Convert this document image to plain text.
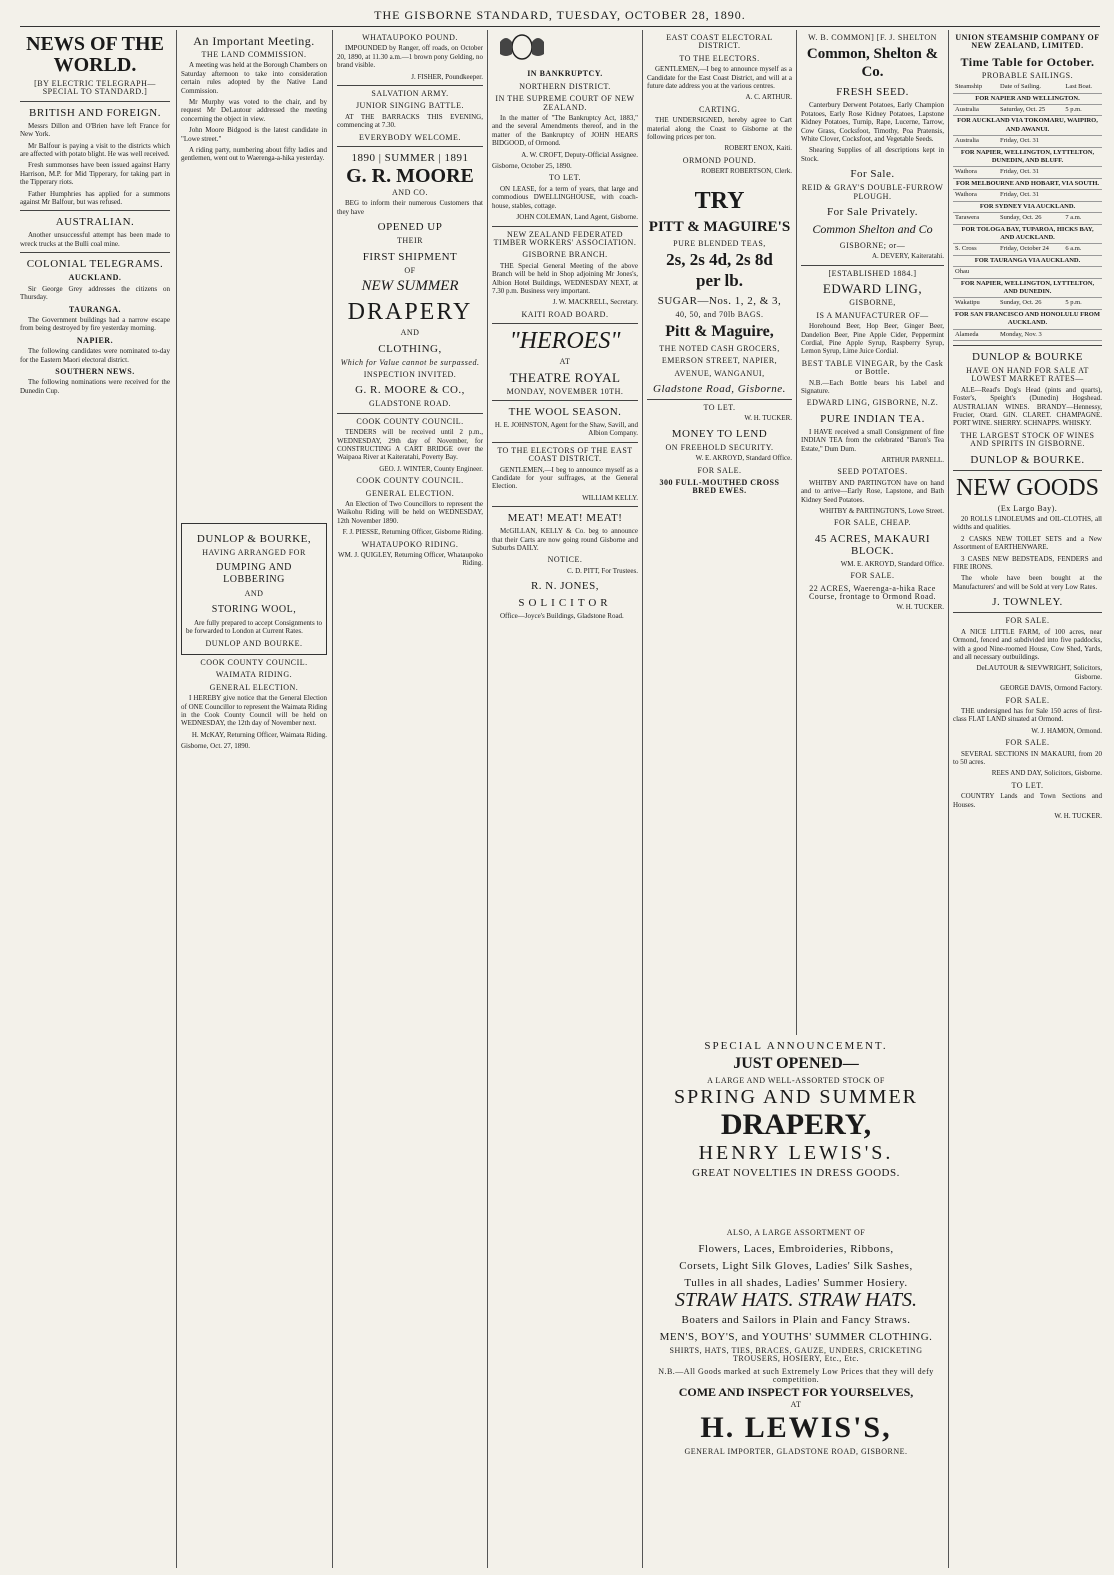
THE GISBORNE STANDARD, TUESDAY, OCTOBER 28, 1890.
NEWS OF THE WORLD.
[BY ELECTRIC TELEGRAPH—SPECIAL TO STANDARD.]
BRITISH AND FOREIGN.

Messrs Dillon and O'Brien have left France for New York.

Mr Balfour is paying a visit to the districts which are affected with potato blight. He was well received.

Fresh summonses have been issued against Harry Harrison, M.P. for Mid Tipperary, for taking part in the Tipperary riots.

Father Humphries has applied for a summons against Mr Balfour, but was refused.

AUSTRALIAN.

Another unsuccessful attempt has been made to wreck trucks at the Bulli coal mine.

COLONIAL TELEGRAMS.
AUCKLAND.

Sir George Grey addresses the citizens on Thursday.

TAURANGA.

The Government buildings had a narrow escape from being destroyed by fire yesterday morning.

NAPIER.

The following candidates were nominated to-day for the Eastern Maori electoral district.

SOUTHERN NEWS.

The following nominations were received for the Dunedin Cup.

An Important Meeting.
THE LAND COMMISSION.

A meeting was held at the Borough Chambers on Saturday afternoon to take into consideration certain rules adopted by the Native Land Commission.

Mr Murphy was voted to the chair, and by request Mr DeLautour addressed the meeting concerning the object in view.

John Moore Bidgood is the latest candidate in "Lowe street."

A riding party, numbering about fifty ladies and gentlemen, went out to Waerenga-a-hika yesterday.

DUNLOP & BOURKE,
HAVING ARRANGED FOR
DUMPING AND LOBBERING
AND
STORING WOOL,

Are fully prepared to accept Consignments to be forwarded to London at Current Rates.

DUNLOP AND BOURKE.
COOK COUNTY COUNCIL.
WAIMATA RIDING.
GENERAL ELECTION.

I HEREBY give notice that the General Election of ONE Councillor to represent the Waimata Riding in the Cook County Council will be held on WEDNESDAY, the 12th day of November next.

H. McKAY, Returning Officer, Waimata Riding.
Gisborne, Oct. 27, 1890.
WHATAUPOKO POUND.

IMPOUNDED by Ranger, off roads, on October 20, 1890, at 11.30 a.m.—1 brown pony Gelding, no brand visible.

J. FISHER, Poundkeeper.
SALVATION ARMY.
JUNIOR SINGING BATTLE.

AT THE BARRACKS THIS EVENING, commencing at 7.30.

EVERYBODY WELCOME.
1890 | SUMMER | 1891
G. R. MOORE
AND CO.

BEG to inform their numerous Customers that they have

OPENED UP
THEIR
FIRST SHIPMENT
OF
NEW SUMMER
DRAPERY
AND
CLOTHING,
Which for Value cannot be surpassed.
INSPECTION INVITED.
G. R. MOORE & CO.,
GLADSTONE ROAD.
COOK COUNTY COUNCIL.

TENDERS will be received until 2 p.m., WEDNESDAY, 29th day of November, for CONSTRUCTING A CART BRIDGE over the Waipaoa River at Kaiteratahi, Poverty Bay.

GEO. J. WINTER, County Engineer.
COOK COUNTY COUNCIL.
GENERAL ELECTION.

An Election of Two Councillors to represent the Waikohu Riding will be held on WEDNESDAY, 12th November 1890.

F. J. PIESSE, Returning Officer, Gisborne Riding.
WHATAUPOKO RIDING.
WM. J. QUIGLEY, Returning Officer, Whataupoko Riding.
IN BANKRUPTCY.
NORTHERN DISTRICT.
IN THE SUPREME COURT OF NEW ZEALAND.

In the matter of "The Bankruptcy Act, 1883," and the several Amendments thereof, and in the matter of the Bankruptcy of JOHN HEARS BIDGOOD, of Ormond.

A. W. CROFT, Deputy-Official Assignee.
Gisborne, October 25, 1890.
TO LET.

ON LEASE, for a term of years, that large and commodious DWELLINGHOUSE, with coach-house, stables, cottage.

JOHN COLEMAN, Land Agent, Gisborne.
NEW ZEALAND FEDERATED TIMBER WORKERS' ASSOCIATION.
GISBORNE BRANCH.

THE Special General Meeting of the above Branch will be held in Shop adjoining Mr Jones's, Albion Hotel Buildings, WEDNESDAY NEXT, at 7.30 p.m. Business very important.

J. W. MACKRELL, Secretary.
KAITI ROAD BOARD.
"HEROES"
AT
THEATRE ROYAL
MONDAY, NOVEMBER 10TH.
THE WOOL SEASON.
H. E. JOHNSTON, Agent for the Shaw, Savill, and Albion Company.
TO THE ELECTORS OF THE EAST COAST DISTRICT.

GENTLEMEN,—I beg to announce myself as a Candidate for your suffrages, at the General Election.

WILLIAM KELLY.
MEAT! MEAT! MEAT!

McGILLAN, KELLY & Co. beg to announce that their Carts are now going round Gisborne and Suburbs DAILY.

NOTICE.
C. D. PITT, For Trustees.
R. N. JONES,
SOLICITOR

Office—Joyce's Buildings, Gladstone Road.

EAST COAST ELECTORAL DISTRICT.
TO THE ELECTORS.

GENTLEMEN,—I beg to announce myself as a Candidate for the East Coast District, and will at a future date address you at the various centres.

A. C. ARTHUR.
CARTING.

THE UNDERSIGNED, hereby agree to Cart material along the Coast to Gisborne at the following prices per ton.

ROBERT ENOX, Kaiti.
ORMOND POUND.
ROBERT ROBERTSON, Clerk.
TRY
PITT & MAGUIRE'S
PURE BLENDED TEAS,
2s, 2s 4d, 2s 8d
per lb.
SUGAR—Nos. 1, 2, & 3,
40, 50, and 70lb BAGS.
Pitt & Maguire,
THE NOTED CASH GROCERS,
EMERSON STREET, NAPIER,
AVENUE, WANGANUI,
Gladstone Road, Gisborne.
TO LET.
W. H. TUCKER.
MONEY TO LEND
ON FREEHOLD SECURITY.
W. E. AKROYD, Standard Office.
FOR SALE.
300 FULL-MOUTHED CROSS BRED EWES.
SPECIAL ANNOUNCEMENT.
JUST OPENED—
A LARGE AND WELL-ASSORTED STOCK OF
SPRING AND SUMMER
DRAPERY,
HENRY LEWIS'S.
GREAT NOVELTIES IN DRESS GOODS.
ALSO, A LARGE ASSORTMENT OF
Flowers, Laces, Embroideries, Ribbons,
Corsets, Light Silk Gloves, Ladies' Silk Sashes,
Tulles in all shades, Ladies' Summer Hosiery.
STRAW HATS. STRAW HATS.
Boaters and Sailors in Plain and Fancy Straws.
MEN'S, BOY'S, and YOUTHS' SUMMER CLOTHING.
SHIRTS, HATS, TIES, BRACES, GAUZE, UNDERS, CRICKETING TROUSERS, HOSIERY, Etc., Etc.
N.B.—All Goods marked at such Extremely Low Prices that they will defy competition.
COME AND INSPECT FOR YOURSELVES,
AT
H. LEWIS'S,
GENERAL IMPORTER, GLADSTONE ROAD, GISBORNE.
W. B. COMMON] [F. J. SHELTON
Common, Shelton & Co.
FRESH SEED.

Canterbury Derwent Potatoes, Early Champion Potatoes, Early Rose Kidney Potatoes, Lapstone Kidney Potatoes, Turnip, Rape, Lucerne, Tarrow, Cow Grass, Cocksfoot, Timothy, Poa Pratensis, White Clover, Cocksfoot, and Vegetable Seeds.

Shearing Supplies of all descriptions kept in Stock.

For Sale.
REID & GRAY'S DOUBLE-FURROW PLOUGH.
For Sale Privately.
Common Shelton and Co
GISBORNE; or—
A. DEVERY, Kaiteratahi.
[ESTABLISHED 1884.]
EDWARD LING,
GISBORNE,
IS A MANUFACTURER OF—

Horehound Beer, Hop Beer, Ginger Beer, Dandelion Beer, Pine Apple Cider, Peppermint Cordial, Pine Apple Syrup, Raspberry Syrup, Lemon Syrup, Lime Juice Cordial.

BEST TABLE VINEGAR, by the Cask or Bottle.

N.B.—Each Bottle bears his Label and Signature.

EDWARD LING, GISBORNE, N.Z.
PURE INDIAN TEA.

I HAVE received a small Consignment of fine INDIAN TEA from the celebrated "Baron's Tea Estate," Dum Dum.

ARTHUR PARNELL.
SEED POTATOES.

WHITBY AND PARTINGTON have on hand and to arrive—Early Rose, Lapstone, and Bath Kidney Seed Potatoes.

WHITBY & PARTINGTON'S, Lowe Street.
FOR SALE, CHEAP.
45 ACRES, MAKAURI BLOCK.
WM. E. AKROYD, Standard Office.
FOR SALE.
22 ACRES, Waerenga-a-hika Race Course, frontage to Ormond Road.
W. H. TUCKER.
UNION STEAMSHIP COMPANY OF NEW ZEALAND, LIMITED.
Time Table for October.
PROBABLE SAILINGS.
Steamship	Date of Sailing.	Last Boat.
FOR NAPIER AND WELLINGTON.		
Australia	Saturday, Oct. 25	5 p.m.
FOR AUCKLAND VIA TOKOMARU, WAIPIRO, AND AWANUI.		
Australia	Friday, Oct. 31	
FOR NAPIER, WELLINGTON, LYTTELTON, DUNEDIN, AND BLUFF.		
Waihora	Friday, Oct. 31	
FOR MELBOURNE AND HOBART, VIA SOUTH.		
Waihora	Friday, Oct. 31	
FOR SYDNEY VIA AUCKLAND.		
Tarawera	Sunday, Oct. 26	7 a.m.
FOR TOLOGA BAY, TUPAROA, HICKS BAY, AND AUCKLAND.		
S. Cross	Friday, October 24	6 a.m.
FOR TAURANGA VIA AUCKLAND.		
Ohau		
FOR NAPIER, WELLINGTON, LYTTELTON, AND DUNEDIN.		
Wakatipu	Sunday, Oct. 26	5 p.m.
FOR SAN FRANCISCO AND HONOLULU FROM AUCKLAND.		
Alameda	Monday, Nov. 3	
DUNLOP & BOURKE
HAVE ON HAND FOR SALE AT LOWEST MARKET RATES—

ALE—Read's Dog's Head (pints and quarts), Foster's, Speight's (Dunedin) Hogshead. AUSTRALIAN WINES. BRANDY—Hennessy, Frucier, Otard. GIN. CLARET. CHAMPAGNE. PORT WINE. SHERRY. SCHNAPPS. WHISKY.

THE LARGEST STOCK OF WINES AND SPIRITS IN GISBORNE.
DUNLOP & BOURKE.
NEW GOODS
(Ex Largo Bay).

20 ROLLS LINOLEUMS and OIL-CLOTHS, all widths and qualities.

2 CASKS NEW TOILET SETS and a New Assortment of EARTHENWARE.

3 CASES NEW BEDSTEADS, FENDERS and FIRE IRONS.

The whole have been bought at the Manufacturers' and will be Sold at very Low Rates.

J. TOWNLEY.
FOR SALE.

A NICE LITTLE FARM, of 100 acres, near Ormond, fenced and subdivided into five paddocks, with a good Nine-roomed House, Cow Shed, Yards, and all necessary outbuildings.

DeLAUTOUR & SIEVWRIGHT, Solicitors, Gisborne.
GEORGE DAVIS, Ormond Factory.
FOR SALE.

THE undersigned has for Sale 150 acres of first-class FLAT LAND situated at Ormond.

W. J. HAMON, Ormond.
FOR SALE.

SEVERAL SECTIONS IN MAKAURI, from 20 to 50 acres.

REES AND DAY, Solicitors, Gisborne.
TO LET.

COUNTRY Lands and Town Sections and Houses.

W. H. TUCKER.
